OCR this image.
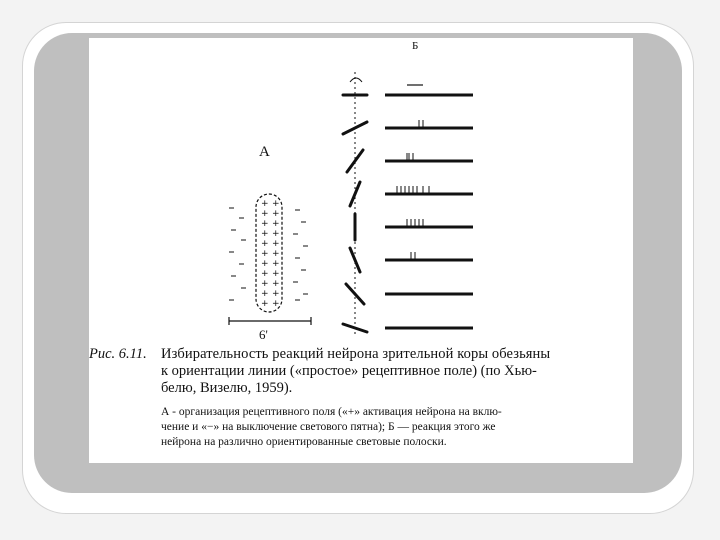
+ +
+ +
+ +
+ +
+ +
+ +
+ +
+ +
+ +
+ +
+ +
А
Б
6'
Рис. 6.11. Избирательность реакций нейрона зрительной коры обезьяны
к ориентации линии («простое» рецептивное поле) (по Хью-
белю, Визелю, 1959).
А - организация рецептивного поля («+» активация нейрона на вклю-
чение и «−» на выключение светового пятна); Б — реакция этого же
нейрона на различно ориентированные световые полоски.
